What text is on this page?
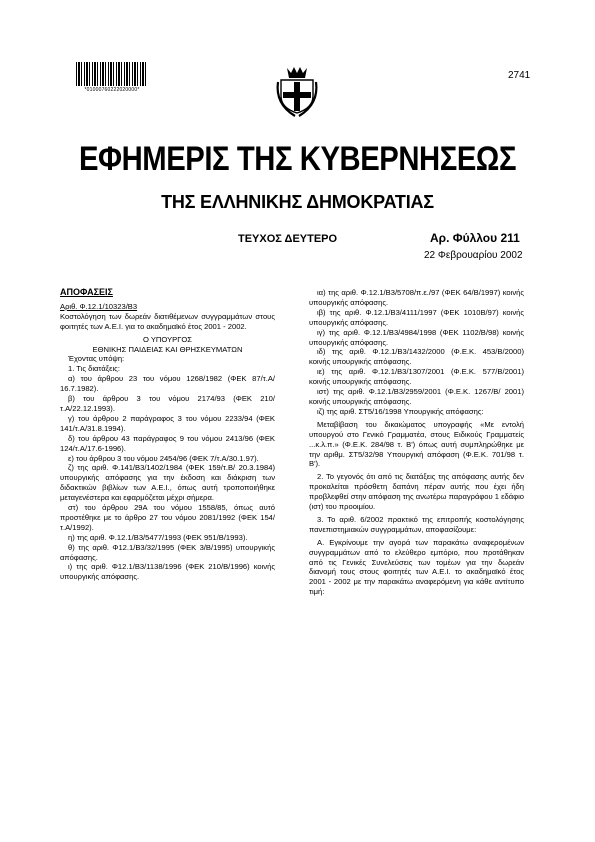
*01000760222020000*
2741
ΕΦΗΜΕΡΙΣ ΤΗΣ ΚΥΒΕΡΝΗΣΕΩΣ
ΤΗΣ ΕΛΛΗΝΙΚΗΣ ΔΗΜΟΚΡΑΤΙΑΣ
ΤΕΥΧΟΣ ΔΕΥΤΕΡΟ	Αρ. Φύλλου 211
22 Φεβρουαρίου 2002

ΑΠΟΦΑΣΕΙΣ

Αριθ. Φ.12.1/10323/Β3

Κοστολόγηση των δωρεάν διατιθέμενων συγγραμμάτων στους φοιτητές των Α.Ε.Ι. για το ακαδημαϊκό έτος 2001 - 2002.

Ο ΥΠΟΥΡΓΟΣ

ΕΘΝΙΚΗΣ ΠΑΙΔΕΙΑΣ ΚΑΙ ΘΡΗΣΚΕΥΜΑΤΩΝ

Έχοντας υπόψη:

1. Τις διατάξεις:

α) του άρθρου 23 του νόμου 1268/1982 (ΦΕΚ 87/τ.Α/ 16.7.1982).

β) του άρθρου 3 του νόμου 2174/93 (ΦΕΚ 210/τ.Α/22.12.1993).

γ) του άρθρου 2 παράγραφος 3 του νόμου 2233/94 (ΦΕΚ 141/τ.Α/31.8.1994).

δ) του άρθρου 43 παράγραφος 9 του νόμου 2413/96 (ΦΕΚ 124/τ.Α/17.6-1996).

ε) του άρθρου 3 του νόμου 2454/96 (ΦΕΚ 7/τ.Α/30.1.97).

ζ) της αριθ. Φ.141/Β3/1402/1984 (ΦΕΚ 159/τ.Β/ 20.3.1984) υπουργικής απόφασης για την έκδοση και διάκριση των διδακτικών βιβλίων των Α.Ε.Ι., όπως αυτή τροποποιήθηκε μεταγενέστερα και εφαρμόζεται μέχρι σήμερα.

στ) του άρθρου 29Α του νόμου 1558/85, όπως αυτό προστέθηκε με το άρθρο 27 του νόμου 2081/1992 (ΦΕΚ 154/τ.Α/1992).

η) της αριθ. Φ.12.1/Β3/5477/1993 (ΦΕΚ 951/Β/1993).

θ) της αριθ. Φ12.1/Β3/32/1995 (ΦΕΚ 3/Β/1995) υπουργικής απόφασης.

ι) της αριθ. Φ12.1/Β3/1138/1996 (ΦΕΚ 210/Β/1996) κοινής υπουργικής απόφασης.

ια) της αριθ. Φ.12.1/Β3/5708/π.ε./97 (ΦΕΚ 64/Β/1997) κοινής υπουργικής απόφασης.

ιβ) της αριθ. Φ.12.1/Β3/4111/1997 (ΦΕΚ 1010Β/97) κοινής υπουργικής απόφασης.

ιγ) της αριθ. Φ.12.1/Β3/4984/1998 (ΦΕΚ 1102/Β/98) κοινής υπουργικής απόφασης.

ιδ) της αριθ. Φ.12.1/Β3/1432/2000 (Φ.Ε.Κ. 453/Β/2000) κοινής υπουργικής απόφασης.

ιε) της αριθ. Φ.12.1/Β3/1307/2001 (Φ.Ε.Κ. 577/Β/2001) κοινής υπουργικής απόφασης.

ιστ) της αριθ. Φ.12.1/Β3/2959/2001 (Φ.Ε.Κ. 1267/Β/ 2001) κοινής υπουργικής απόφασης.

ιζ) της αριθ. ΣΤ5/16/1998 Υπουργικής απόφασης:

Μεταβίβαση του δικαιώματος υπογραφής «Με εντολή υπουργού στο Γενικό Γραμματέα, στους Ειδικούς Γραμματείς ...κ.λ.π.» (Φ.Ε.Κ. 284/98 τ. Β') όπως αυτή συμπληρώθηκε με την αριθμ. ΣΤ5/32/98 Υπουργική απόφαση (Φ.Ε.Κ. 701/98 τ. Β').

2. Το γεγονός ότι από τις διατάξεις της απόφασης αυτής δεν προκαλείται πρόσθετη δαπάνη πέραν αυτής που έχει ήδη προβλεφθεί στην απόφαση της ανωτέρω παραγράφου 1 εδάφιο (ιστ) του προοιμίου.

3. Το αριθ. 6/2002 πρακτικό της επιτροπής κοστολόγησης πανεπιστημιακών συγγραμμάτων, αποφασίζουμε:

Α. Εγκρίνουμε την αγορά των παρακάτω αναφερομένων συγγραμμάτων από το ελεύθερο εμπόριο, που προτάθηκαν από τις Γενικές Συνελεύσεις των τομέων για την δωρεάν διανομή τους στους φοιτητές των Α.Ε.Ι. το ακαδημαϊκό έτος 2001 - 2002 με την παρακάτω αναφερόμενη για κάθε αντίτυπο τιμή:
